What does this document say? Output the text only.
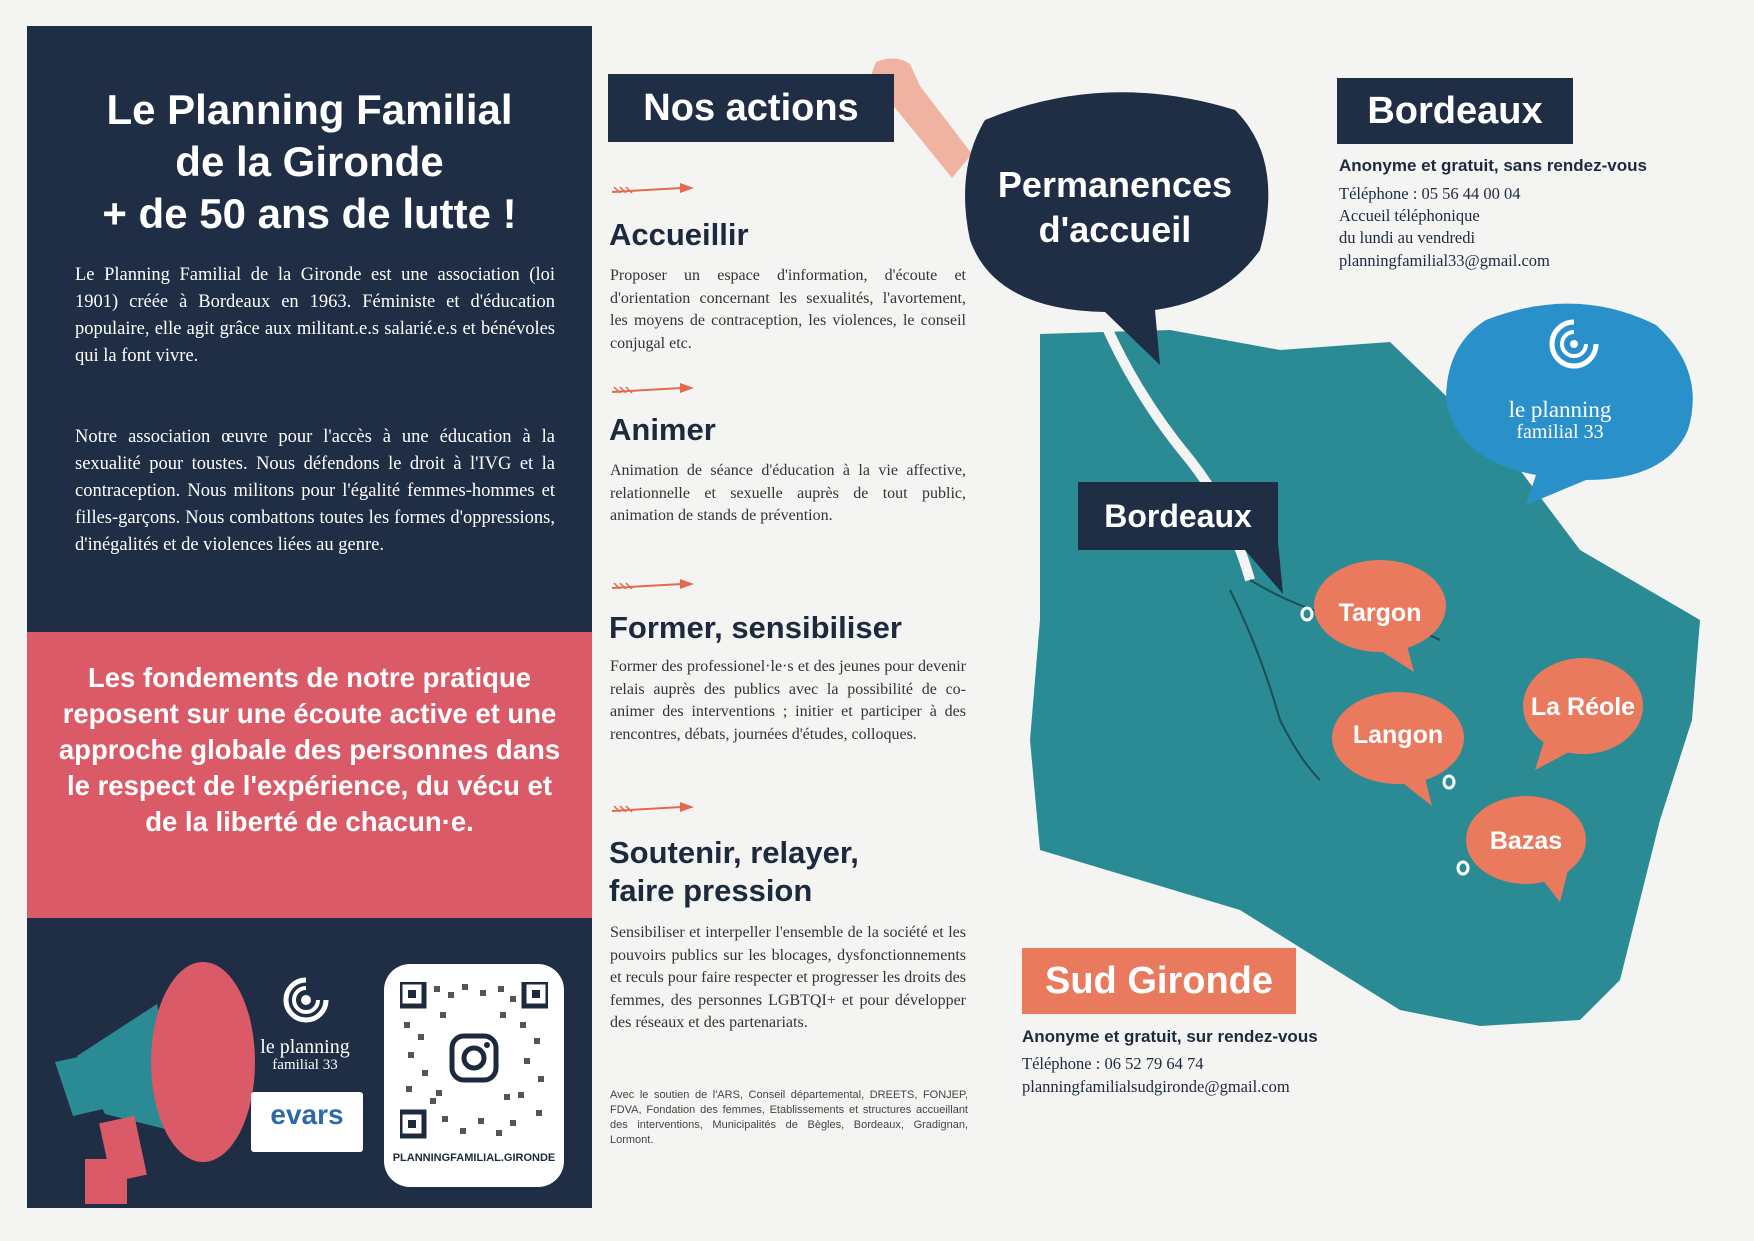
Le Planning Familial
de la Gironde
+ de 50 ans de lutte !
Le Planning Familial de la Gironde est une association (loi 1901) créée à Bordeaux en 1963. Féministe et d'éducation populaire, elle agit grâce aux militant.e.s salarié.e.s et bénévoles qui la font vivre.
Notre association œuvre pour l'accès à une éducation à la sexualité pour toustes. Nous défendons le droit à l'IVG et la contraception. Nous militons pour l'égalité femmes-hommes et filles-garçons. Nous combattons toutes les formes d'oppressions, d'inégalités et de violences liées au genre.
Les fondements de notre pratique reposent sur une écoute active et une approche globale des personnes dans le respect de l'expérience, du vécu et de la liberté de chacun·e.
le planning
familial 33
evars
PLANNINGFAMILIAL.GIRONDE
Nos actions
Accueillir
Proposer un espace d'information, d'écoute et d'orientation concernant les sexualités, l'avortement, les moyens de contraception, les violences, le conseil conjugal etc.
Animer
Animation de séance d'éducation à la vie affective, relationnelle et sexuelle auprès de tout public, animation de stands de prévention.
Former, sensibiliser
Former des professionel·le·s et des jeunes pour devenir relais auprès des publics avec la possibilité de co-animer des interventions ; initier et participer à des rencontres, débats, journées d'études, colloques.
Soutenir, relayer, faire pression
Sensibiliser et interpeller l'ensemble de la société et les pouvoirs publics sur les blocages, dysfonctionnements et reculs pour faire respecter et progresser les droits des femmes, des personnes LGBTQI+ et pour développer des réseaux et des partenariats.
Avec le soutien de l'ARS, Conseil départemental, DREETS, FONJEP, FDVA, Fondation des femmes, Etablissements et structures accueillant des interventions, Municipalités de Bègles, Bordeaux, Gradignan, Lormont.
Permanences d'accueil
Bordeaux
Anonyme et gratuit, sans rendez-vous
Téléphone : 05 56 44 00 04
Accueil téléphonique
du lundi au vendredi
planningfamilial33@gmail.com
le planning
familial 33
Bordeaux
Targon
Langon
La Réole
Bazas
Sud Gironde
Anonyme et gratuit, sur rendez-vous
Téléphone : 06 52 79 64 74
planningfamilialsudgironde@gmail.com
